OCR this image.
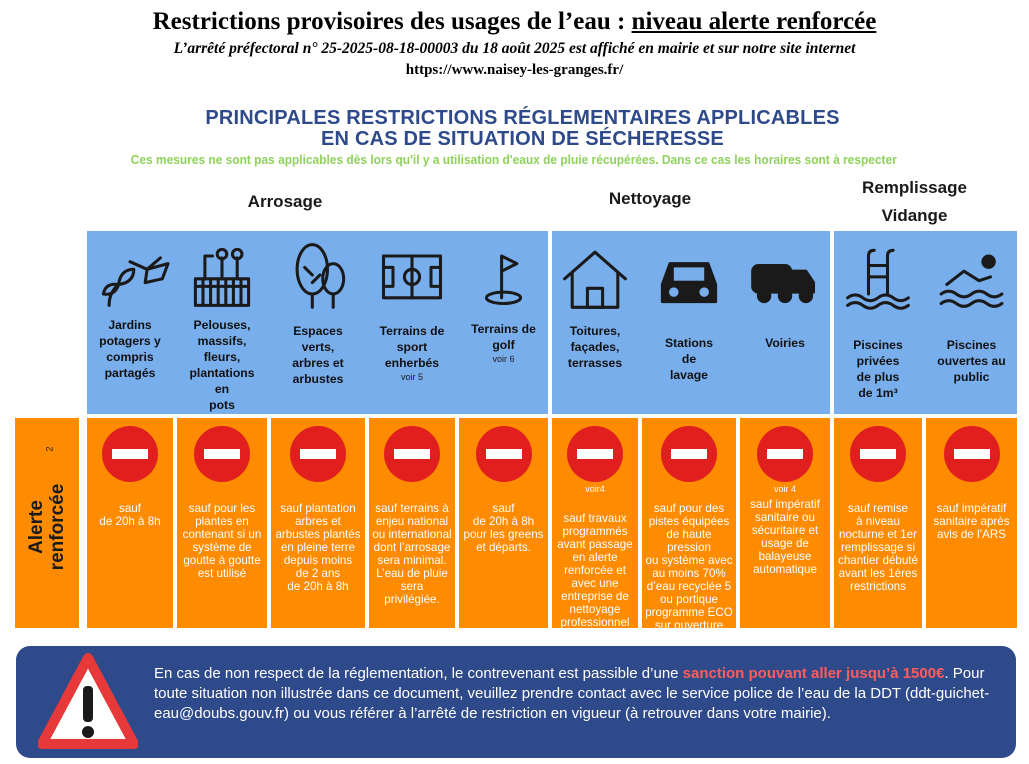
Restrictions provisoires des usages de l’eau : niveau alerte renforcée
L’arrêté préfectoral n° 25-2025-08-18-00003 du 18 août 2025 est affiché en mairie et sur notre site internet
https://www.naisey-les-granges.fr/
PRINCIPALES RESTRICTIONS RÉGLEMENTAIRES APPLICABLES
EN CAS DE SITUATION DE SÉCHERESSE
Ces mesures ne sont pas applicables dès lors qu'il y a utilisation d'eaux de pluie récupérées. Dans ce cas les horaires sont à respecter
Arrosage	Nettoyage
Remplissage
Vidange
Jardins
potagers y
compris
partagés
sauf
de 20h à 8h
Pelouses,
massifs,
fleurs,
plantations
en
pots
sauf pour les
plantes en
contenant si un
système de
goutte à goutte
est utilisé
Espaces
verts,
arbres et
arbustes
sauf plantation
arbres et
arbustes plantés
en pleine terre
depuis moins
de 2 ans
de 20h à 8h
Terrains de
sport
enherbés
voir 5
sauf terrains à
enjeu national
ou international
dont l’arrosage
sera minimal.
L’eau de pluie
sera privilégiée.
Terrains de
golf
voir 6
sauf
de 20h à 8h
pour les greens
et départs.
Toitures,
façades,
terrasses
voir4
sauf travaux
programmés
avant passage
en alerte
renforcée et
avec une
entreprise de
nettoyage
professionnel
Stations
de
lavage
sauf pour des
pistes équipées
de haute pression
ou système avec
au moins 70%
d’eau recyclée 5
ou portique
programme ECO
sur ouverture
partielle
Voiries
voir 4
sauf impératif
sanitaire ou
sécuritaire et
usage de
balayeuse
automatique
Piscines
privées
de plus
de 1m³
sauf remise
à niveau
nocturne et 1er
remplissage si
chantier débuté
avant les 1ères
restrictions
Piscines
ouvertes au
public
sauf impératif
sanitaire après
avis de l’ARS
Alerte renforcée
2
En cas de non respect de la réglementation, le contrevenant est passible d’une sanction pouvant aller jusqu’à 1500€. Pour toute situation non illustrée dans ce document, veuillez prendre contact avec le service police de l’eau de la DDT (ddt-guichet-eau@doubs.gouv.fr) ou vous référer à l’arrêté de restriction en vigueur (à retrouver dans votre mairie).
